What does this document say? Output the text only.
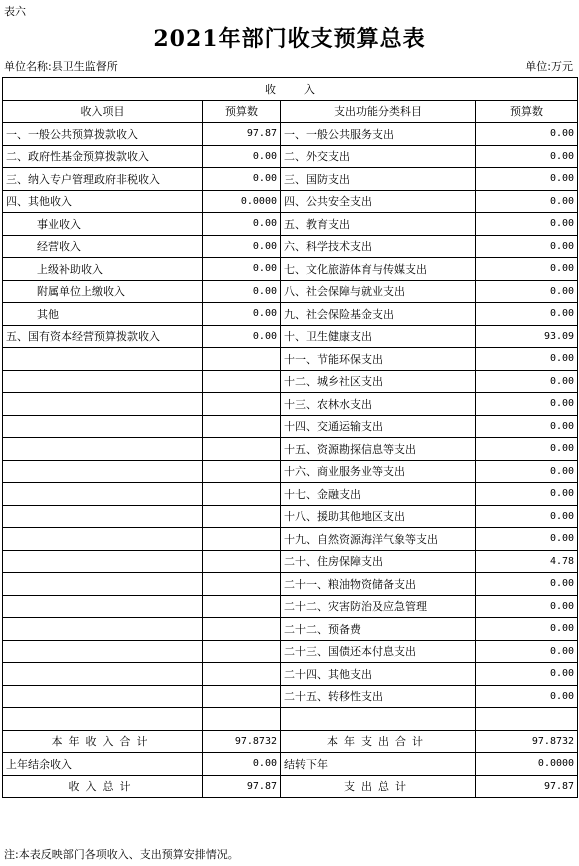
表六
2021年部门收支预算总表
单位名称:县卫生监督所	单位:万元
收        入			
收入项目	预算数	支出功能分类科目	预算数
一、一般公共预算拨款收入	97.87	一、一般公共服务支出	0.00
二、政府性基金预算拨款收入	0.00	二、外交支出	0.00
三、纳入专户管理政府非税收入	0.00	三、国防支出	0.00
四、其他收入	0.0000	四、公共安全支出	0.00
事业收入	0.00	五、教育支出	0.00
经营收入	0.00	六、科学技术支出	0.00
上级补助收入	0.00	七、文化旅游体育与传媒支出	0.00
附属单位上缴收入	0.00	八、社会保障与就业支出	0.00
其他	0.00	九、社会保险基金支出	0.00
五、国有资本经营预算拨款收入	0.00	十、卫生健康支出	93.09
		十一、节能环保支出	0.00
		十二、城乡社区支出	0.00
		十三、农林水支出	0.00
		十四、交通运输支出	0.00
		十五、资源勘探信息等支出	0.00
		十六、商业服务业等支出	0.00
		十七、金融支出	0.00
		十八、援助其他地区支出	0.00
		十九、自然资源海洋气象等支出	0.00
		二十、住房保障支出	4.78
		二十一、粮油物资储备支出	0.00
		二十二、灾害防治及应急管理	0.00
		二十二、预备费	0.00
		二十三、国债还本付息支出	0.00
		二十四、其他支出	0.00
		二十五、转移性支出	0.00

本年收入合计	97.8732	本年支出合计	97.8732
上年结余收入	0.00	结转下年	0.0000
收入总计	97.87	支出总计	97.87
注:本表反映部门各项收入、支出预算安排情况。
